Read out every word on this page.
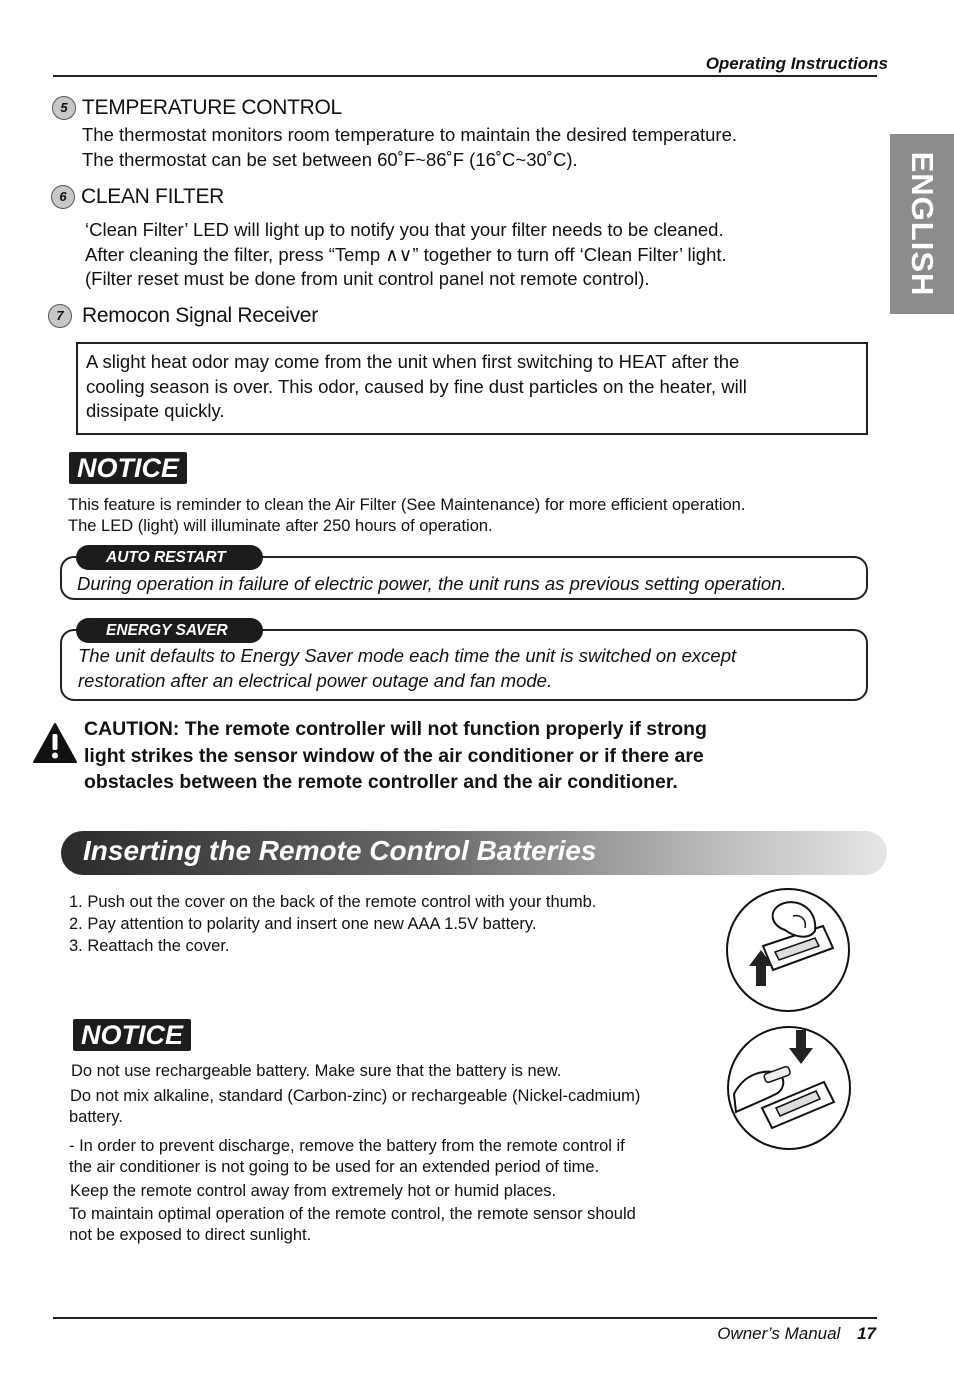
Operating Instructions
ENGLISH
5 TEMPERATURE CONTROL
The thermostat monitors room temperature to maintain the desired temperature.
The thermostat can be set between 60˚F~86˚F (16˚C~30˚C).
6 CLEAN FILTER
‘Clean Filter’ LED will light up to notify you that your filter needs to be cleaned.
After cleaning the filter, press “Temp ∧∨” together to turn off ‘Clean Filter’ light.
(Filter reset must be done from unit control panel not remote control).
7 Remocon Signal Receiver
A slight heat odor may come from the unit when first switching to HEAT after the
cooling season is over. This odor, caused by fine dust particles on the heater, will
dissipate quickly.
NOTICE
This feature is reminder to clean the Air Filter (See Maintenance) for more efficient operation.
The LED (light) will illuminate after 250 hours of operation.
AUTO RESTART
During operation in failure of electric power, the unit runs as previous setting operation.
ENERGY SAVER
The unit defaults to Energy Saver mode each time the unit is switched on except
restoration after an electrical power outage and fan mode.
CAUTION: The remote controller will not function properly if strong
light strikes the sensor window of the air conditioner or if there are
obstacles between the remote controller and the air conditioner.
Inserting the Remote Control Batteries
1. Push out the cover on the back of the remote control with your thumb.
2. Pay attention to polarity and insert one new AAA 1.5V battery.
3. Reattach the cover.
NOTICE
Do not use rechargeable battery. Make sure that the battery is new.
Do not mix alkaline, standard (Carbon-zinc) or rechargeable (Nickel-cadmium)
battery.
- In order to prevent discharge, remove the battery from the remote control if
the air conditioner is not going to be used for an extended period of time.
Keep the remote control away from extremely hot or humid places.
To maintain optimal operation of the remote control, the remote sensor should
not be exposed to direct sunlight.
Owner’s Manual 17
